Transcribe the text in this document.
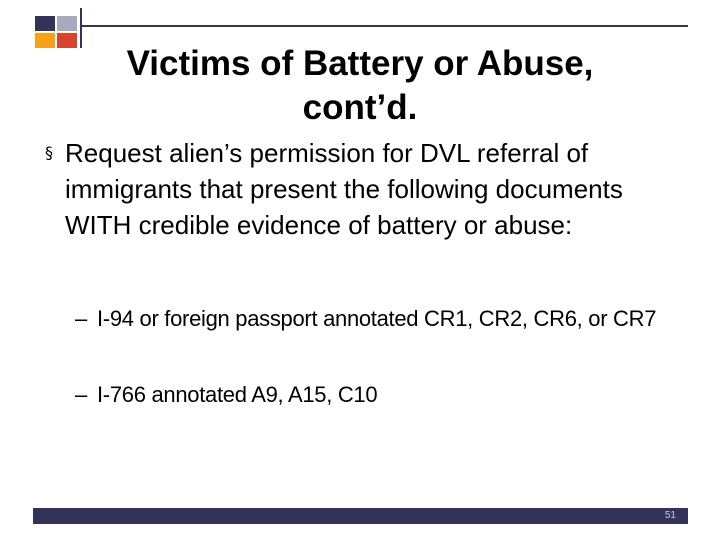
Victims of Battery or Abuse,
cont’d.
§ Request alien’s permission for DVL referral of immigrants that present the following documents WITH credible evidence of battery or abuse:
– I-94 or foreign passport annotated CR1, CR2, CR6, or CR7
– I-766 annotated A9, A15, C10
51
